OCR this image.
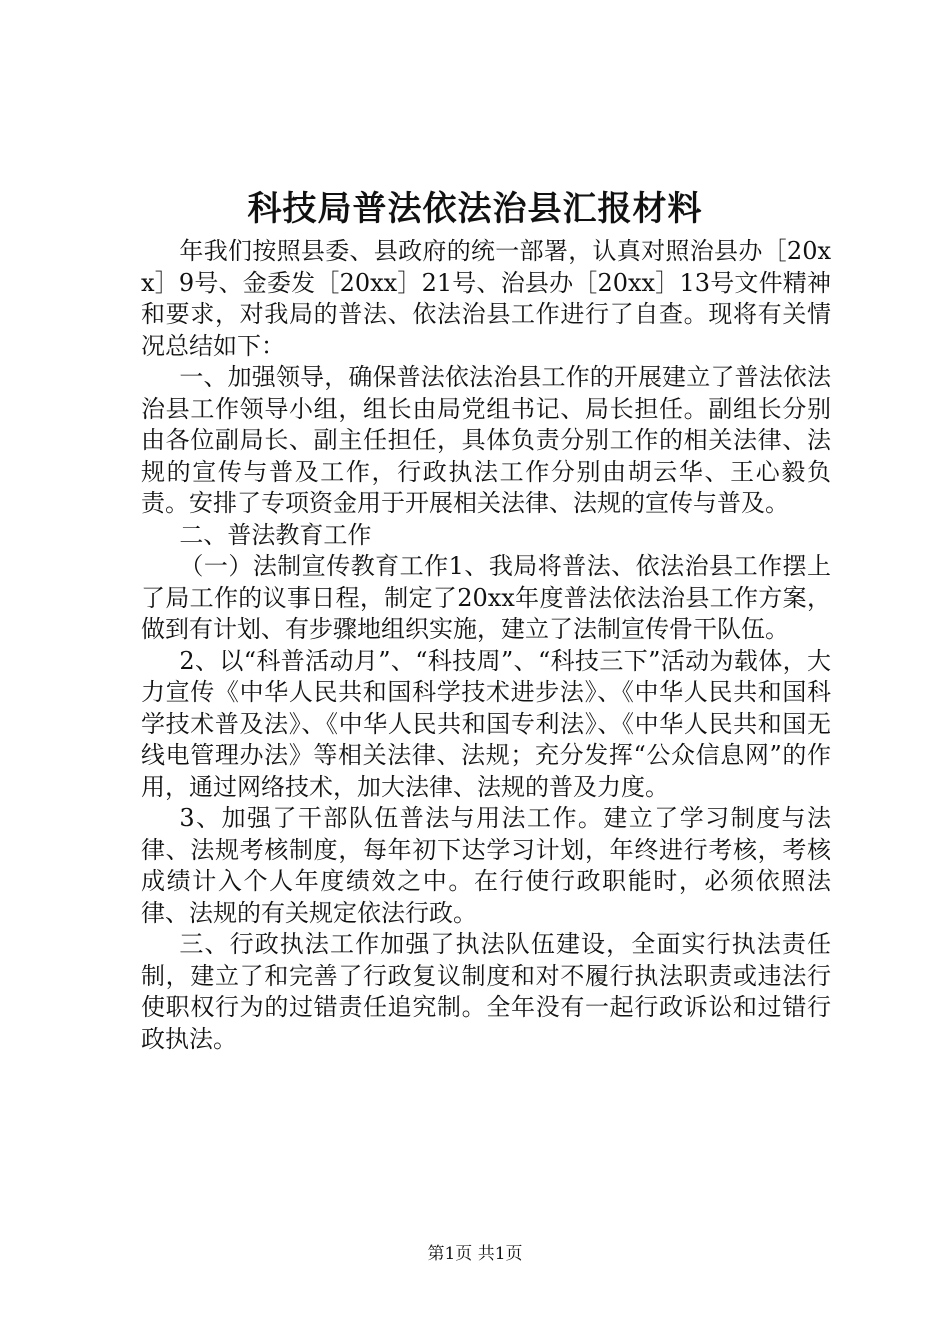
科技局普法依法治县汇报材料

年我们按照县委、县政府的统一部署，认真对照治县办［20xx］9号、金委发［20xx］21号、治县办［20xx］13号文件精神和要求，对我局的普法、依法治县工作进行了自查。现将有关情况总结如下：

一、加强领导，确保普法依法治县工作的开展建立了普法依法治县工作领导小组，组长由局党组书记、局长担任。副组长分别由各位副局长、副主任担任，具体负责分别工作的相关法律、法规的宣传与普及工作，行政执法工作分别由胡云华、王心毅负责。安排了专项资金用于开展相关法律、法规的宣传与普及。

二、普法教育工作

（一）法制宣传教育工作1、我局将普法、依法治县工作摆上了局工作的议事日程，制定了20xx年度普法依法治县工作方案，做到有计划、有步骤地组织实施，建立了法制宣传骨干队伍。

2、以“科普活动月”、“科技周”、“科技三下”活动为载体，大力宣传《中华人民共和国科学技术进步法》、《中华人民共和国科学技术普及法》、《中华人民共和国专利法》、《中华人民共和国无线电管理办法》等相关法律、法规；充分发挥“公众信息网”的作用，通过网络技术，加大法律、法规的普及力度。

3、加强了干部队伍普法与用法工作。建立了学习制度与法律、法规考核制度，每年初下达学习计划，年终进行考核，考核成绩计入个人年度绩效之中。在行使行政职能时，必须依照法律、法规的有关规定依法行政。

三、行政执法工作加强了执法队伍建设，全面实行执法责任制，建立了和完善了行政复议制度和对不履行执法职责或违法行使职权行为的过错责任追究制。全年没有一起行政诉讼和过错行政执法。

第1页 共1页
